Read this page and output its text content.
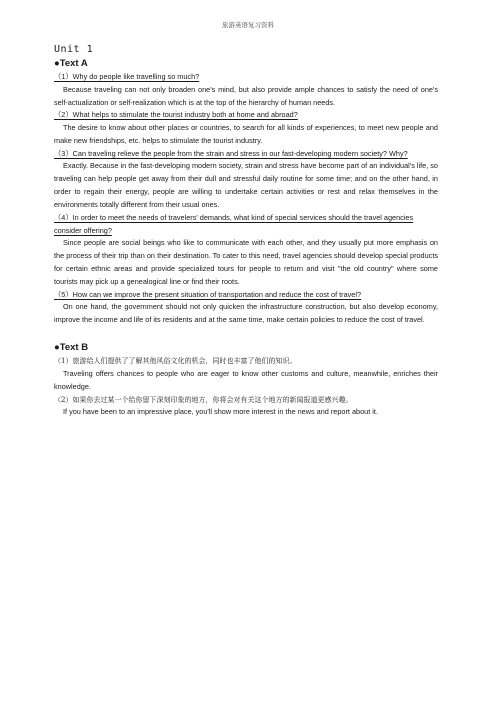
旅游英语复习资料
Unit 1
●Text A
（1）Why do people like travelling so much?

Because traveling can not only broaden one's mind, but also provide ample chances to satisfy the need of one's self-actualization or self-realization which is at the top of the hierarchy of human needs.

（2）What helps to stimulate the tourist industry both at home and abroad?

The desire to know about other places or countries, to search for all kinds of experiences, to meet new people and make new friendships, etc. helps to stimulate the tourist industry.

（3）Can traveling relieve the people from the strain and stress in our fast-developing modern society? Why?

Exactly. Because in the fast-developing modern society, strain and stress have become part of an individual's life, so traveling can help people get away from their dull and stressful daily routine for some time; and on the other hand, in order to regain their energy, people are willing to undertake certain activities or rest and relax themselves in the environments totally different from their usual ones.

（4）In order to meet the needs of travelers' demands, what kind of special services should the travel agencies consider offering?

Since people are social beings who like to communicate with each other, and they usually put more emphasis on the process of their trip than on their destination. To cater to this need, travel agencies should develop special products for certain ethnic areas and provide specialized tours for people to return and visit "the old country" where some tourists may pick up a genealogical line or find their roots.

（5）How can we improve the present situation of transportation and reduce the cost of travel?

On one hand, the government should not only quicken the infrastructure construction, but also develop economy, improve the income and life of its residents and at the same time, make certain policies to reduce the cost of travel.

●Text B
（1）旅游给人们提供了了解其他风俗文化的机会，同时也丰富了他们的知识。

Traveling offers chances to people who are eager to know other customs and culture, meanwhile, enriches their knowledge.

（2）如果你去过某一个给你留下深刻印象的地方，你将会对有关这个地方的新闻报道更感兴趣。

If you have been to an impressive place, you'll show more interest in the news and report about it.
